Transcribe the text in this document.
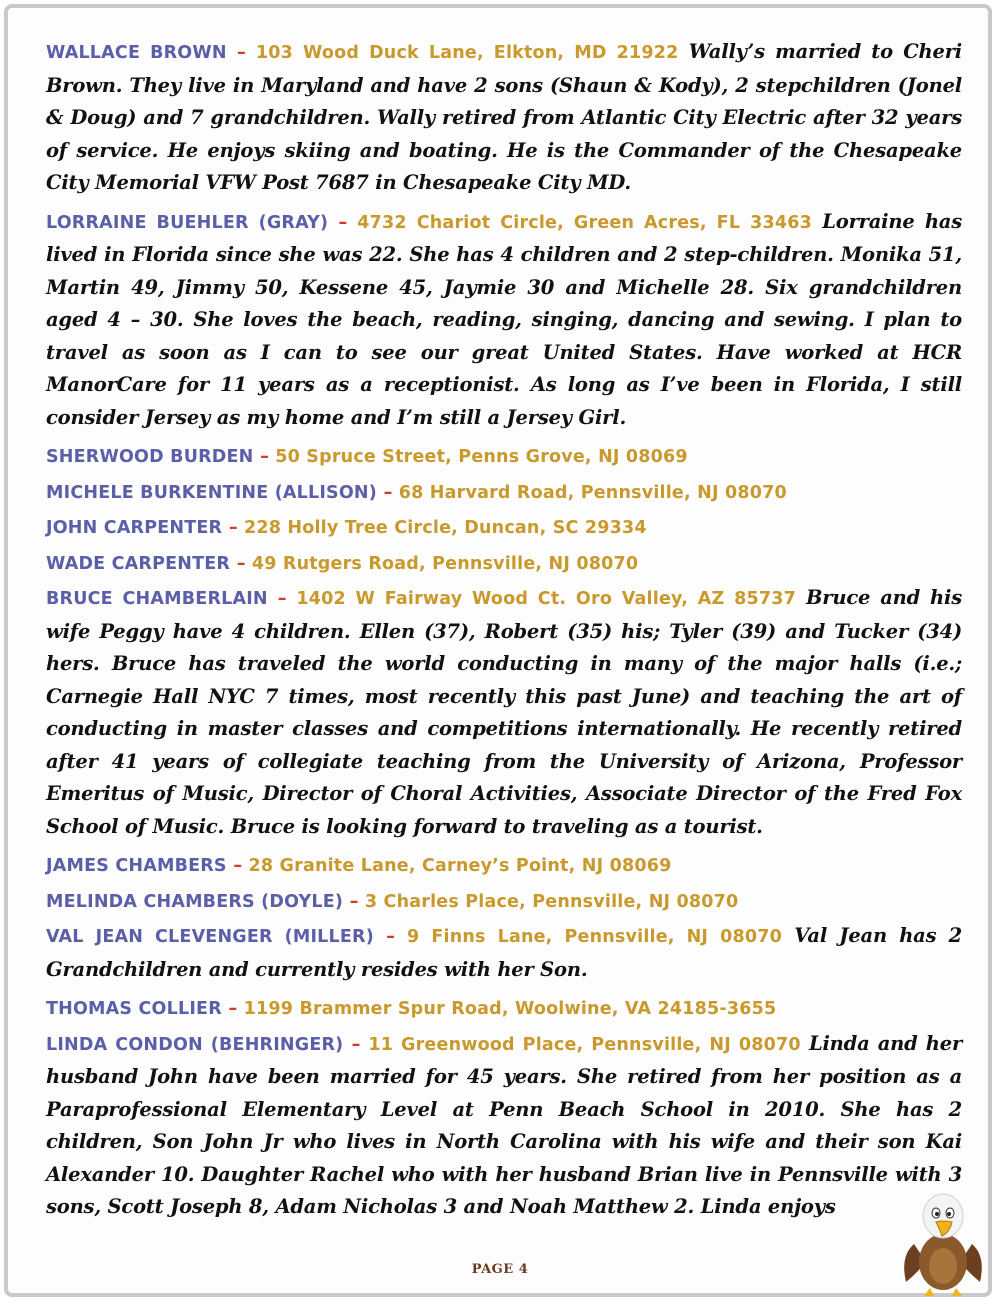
WALLACE BROWN – 103 Wood Duck Lane, Elkton, MD 21922 Wally’s married to Cheri Brown. They live in Maryland and have 2 sons (Shaun & Kody), 2 stepchildren (Jonel & Doug) and 7 grandchildren. Wally retired from Atlantic City Electric after 32 years of service. He enjoys skiing and boating. He is the Commander of the Chesapeake City Memorial VFW Post 7687 in Chesapeake City MD.

LORRAINE BUEHLER (GRAY) – 4732 Chariot Circle, Green Acres, FL 33463 Lorraine has lived in Florida since she was 22. She has 4 children and 2 step-children. Monika 51, Martin 49, Jimmy 50, Kessene 45, Jaymie 30 and Michelle 28. Six grandchildren aged 4 – 30. She loves the beach, reading, singing, dancing and sewing. I plan to travel as soon as I can to see our great United States. Have worked at HCR ManorCare for 11 years as a receptionist. As long as I’ve been in Florida, I still consider Jersey as my home and I’m still a Jersey Girl.

SHERWOOD BURDEN – 50 Spruce Street, Penns Grove, NJ 08069

MICHELE BURKENTINE (ALLISON) – 68 Harvard Road, Pennsville, NJ 08070

JOHN CARPENTER – 228 Holly Tree Circle, Duncan, SC 29334

WADE CARPENTER – 49 Rutgers Road, Pennsville, NJ 08070

BRUCE CHAMBERLAIN – 1402 W Fairway Wood Ct. Oro Valley, AZ 85737 Bruce and his wife Peggy have 4 children. Ellen (37), Robert (35) his; Tyler (39) and Tucker (34) hers. Bruce has traveled the world conducting in many of the major halls (i.e.; Carnegie Hall NYC 7 times, most recently this past June) and teaching the art of conducting in master classes and competitions internationally. He recently retired after 41 years of collegiate teaching from the University of Arizona, Professor Emeritus of Music, Director of Choral Activities, Associate Director of the Fred Fox School of Music. Bruce is looking forward to traveling as a tourist.

JAMES CHAMBERS – 28 Granite Lane, Carney’s Point, NJ 08069

MELINDA CHAMBERS (DOYLE) – 3 Charles Place, Pennsville, NJ 08070

VAL JEAN CLEVENGER (MILLER) – 9 Finns Lane, Pennsville, NJ 08070 Val Jean has 2 Grandchildren and currently resides with her Son.

THOMAS COLLIER – 1199 Brammer Spur Road, Woolwine, VA 24185-3655

LINDA CONDON (BEHRINGER) – 11 Greenwood Place, Pennsville, NJ 08070 Linda and her husband John have been married for 45 years. She retired from her position as a Paraprofessional Elementary Level at Penn Beach School in 2010. She has 2 children, Son John Jr who lives in North Carolina with his wife and their son Kai Alexander 10. Daughter Rachel who with her husband Brian live in Pennsville with 3 sons, Scott Joseph 8, Adam Nicholas 3 and Noah Matthew 2. Linda enjoys

PAGE 4
